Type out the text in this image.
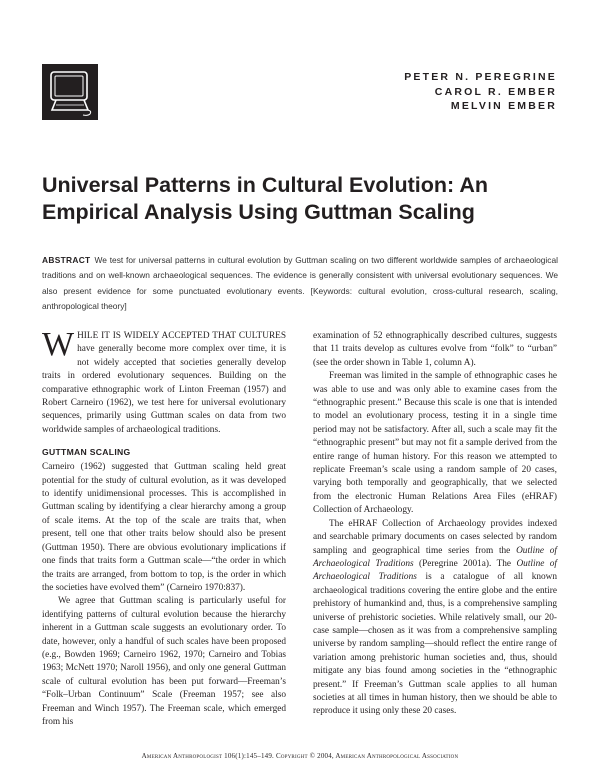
PETER N. PEREGRINE
CAROL R. EMBER
MELVIN EMBER
Universal Patterns in Cultural Evolution: An
Empirical Analysis Using Guttman Scaling

ABSTRACT We test for universal patterns in cultural evolution by Guttman scaling on two different worldwide samples of archaeological traditions and on well-known archaeological sequences. The evidence is generally consistent with universal evolutionary sequences. We also present evidence for some punctuated evolutionary events. [Keywords: cultural evolution, cross-cultural research, scaling, anthropological theory]

WHILE IT IS WIDELY ACCEPTED THAT CULTURES have generally become more complex over time, it is not widely accepted that societies generally develop traits in ordered evolutionary sequences. Building on the comparative ethnographic work of Linton Freeman (1957) and Robert Carneiro (1962), we test here for universal evolutionary sequences, primarily using Guttman scales on data from two worldwide samples of archaeological traditions.

GUTTMAN SCALING

Carneiro (1962) suggested that Guttman scaling held great potential for the study of cultural evolution, as it was developed to identify unidimensional processes. This is accomplished in Guttman scaling by identifying a clear hierarchy among a group of scale items. At the top of the scale are traits that, when present, tell one that other traits below should also be present (Guttman 1950). There are obvious evolutionary implications if one finds that traits form a Guttman scale—“the order in which the traits are arranged, from bottom to top, is the order in which the societies have evolved them” (Carneiro 1970:837).

We agree that Guttman scaling is particularly useful for identifying patterns of cultural evolution because the hierarchy inherent in a Guttman scale suggests an evolutionary order. To date, however, only a handful of such scales have been proposed (e.g., Bowden 1969; Carneiro 1962, 1970; Carneiro and Tobias 1963; McNett 1970; Naroll 1956), and only one general Guttman scale of cultural evolution has been put forward—Freeman’s “Folk–Urban Continuum” Scale (Freeman 1957; see also Freeman and Winch 1957). The Freeman scale, which emerged from his

examination of 52 ethnographically described cultures, suggests that 11 traits develop as cultures evolve from “folk” to “urban” (see the order shown in Table 1, column A).

Freeman was limited in the sample of ethnographic cases he was able to use and was only able to examine cases from the “ethnographic present.” Because this scale is one that is intended to model an evolutionary process, testing it in a single time period may not be satisfactory. After all, such a scale may fit the “ethnographic present” but may not fit a sample derived from the entire range of human history. For this reason we attempted to replicate Freeman’s scale using a random sample of 20 cases, varying both temporally and geographically, that we selected from the electronic Human Relations Area Files (eHRAF) Collection of Archaeology.

The eHRAF Collection of Archaeology provides indexed and searchable primary documents on cases selected by random sampling and geographical time series from the Outline of Archaeological Traditions (Peregrine 2001a). The Outline of Archaeological Traditions is a catalogue of all known archaeological traditions covering the entire globe and the entire prehistory of humankind and, thus, is a comprehensive sampling universe of prehistoric societies. While relatively small, our 20-case sample—chosen as it was from a comprehensive sampling universe by random sampling—should reflect the entire range of variation among prehistoric human societies and, thus, should mitigate any bias found among societies in the “ethnographic present.” If Freeman’s Guttman scale applies to all human societies at all times in human history, then we should be able to reproduce it using only these 20 cases.

American Anthropologist 106(1):145–149. Copyright © 2004, American Anthropological Association
